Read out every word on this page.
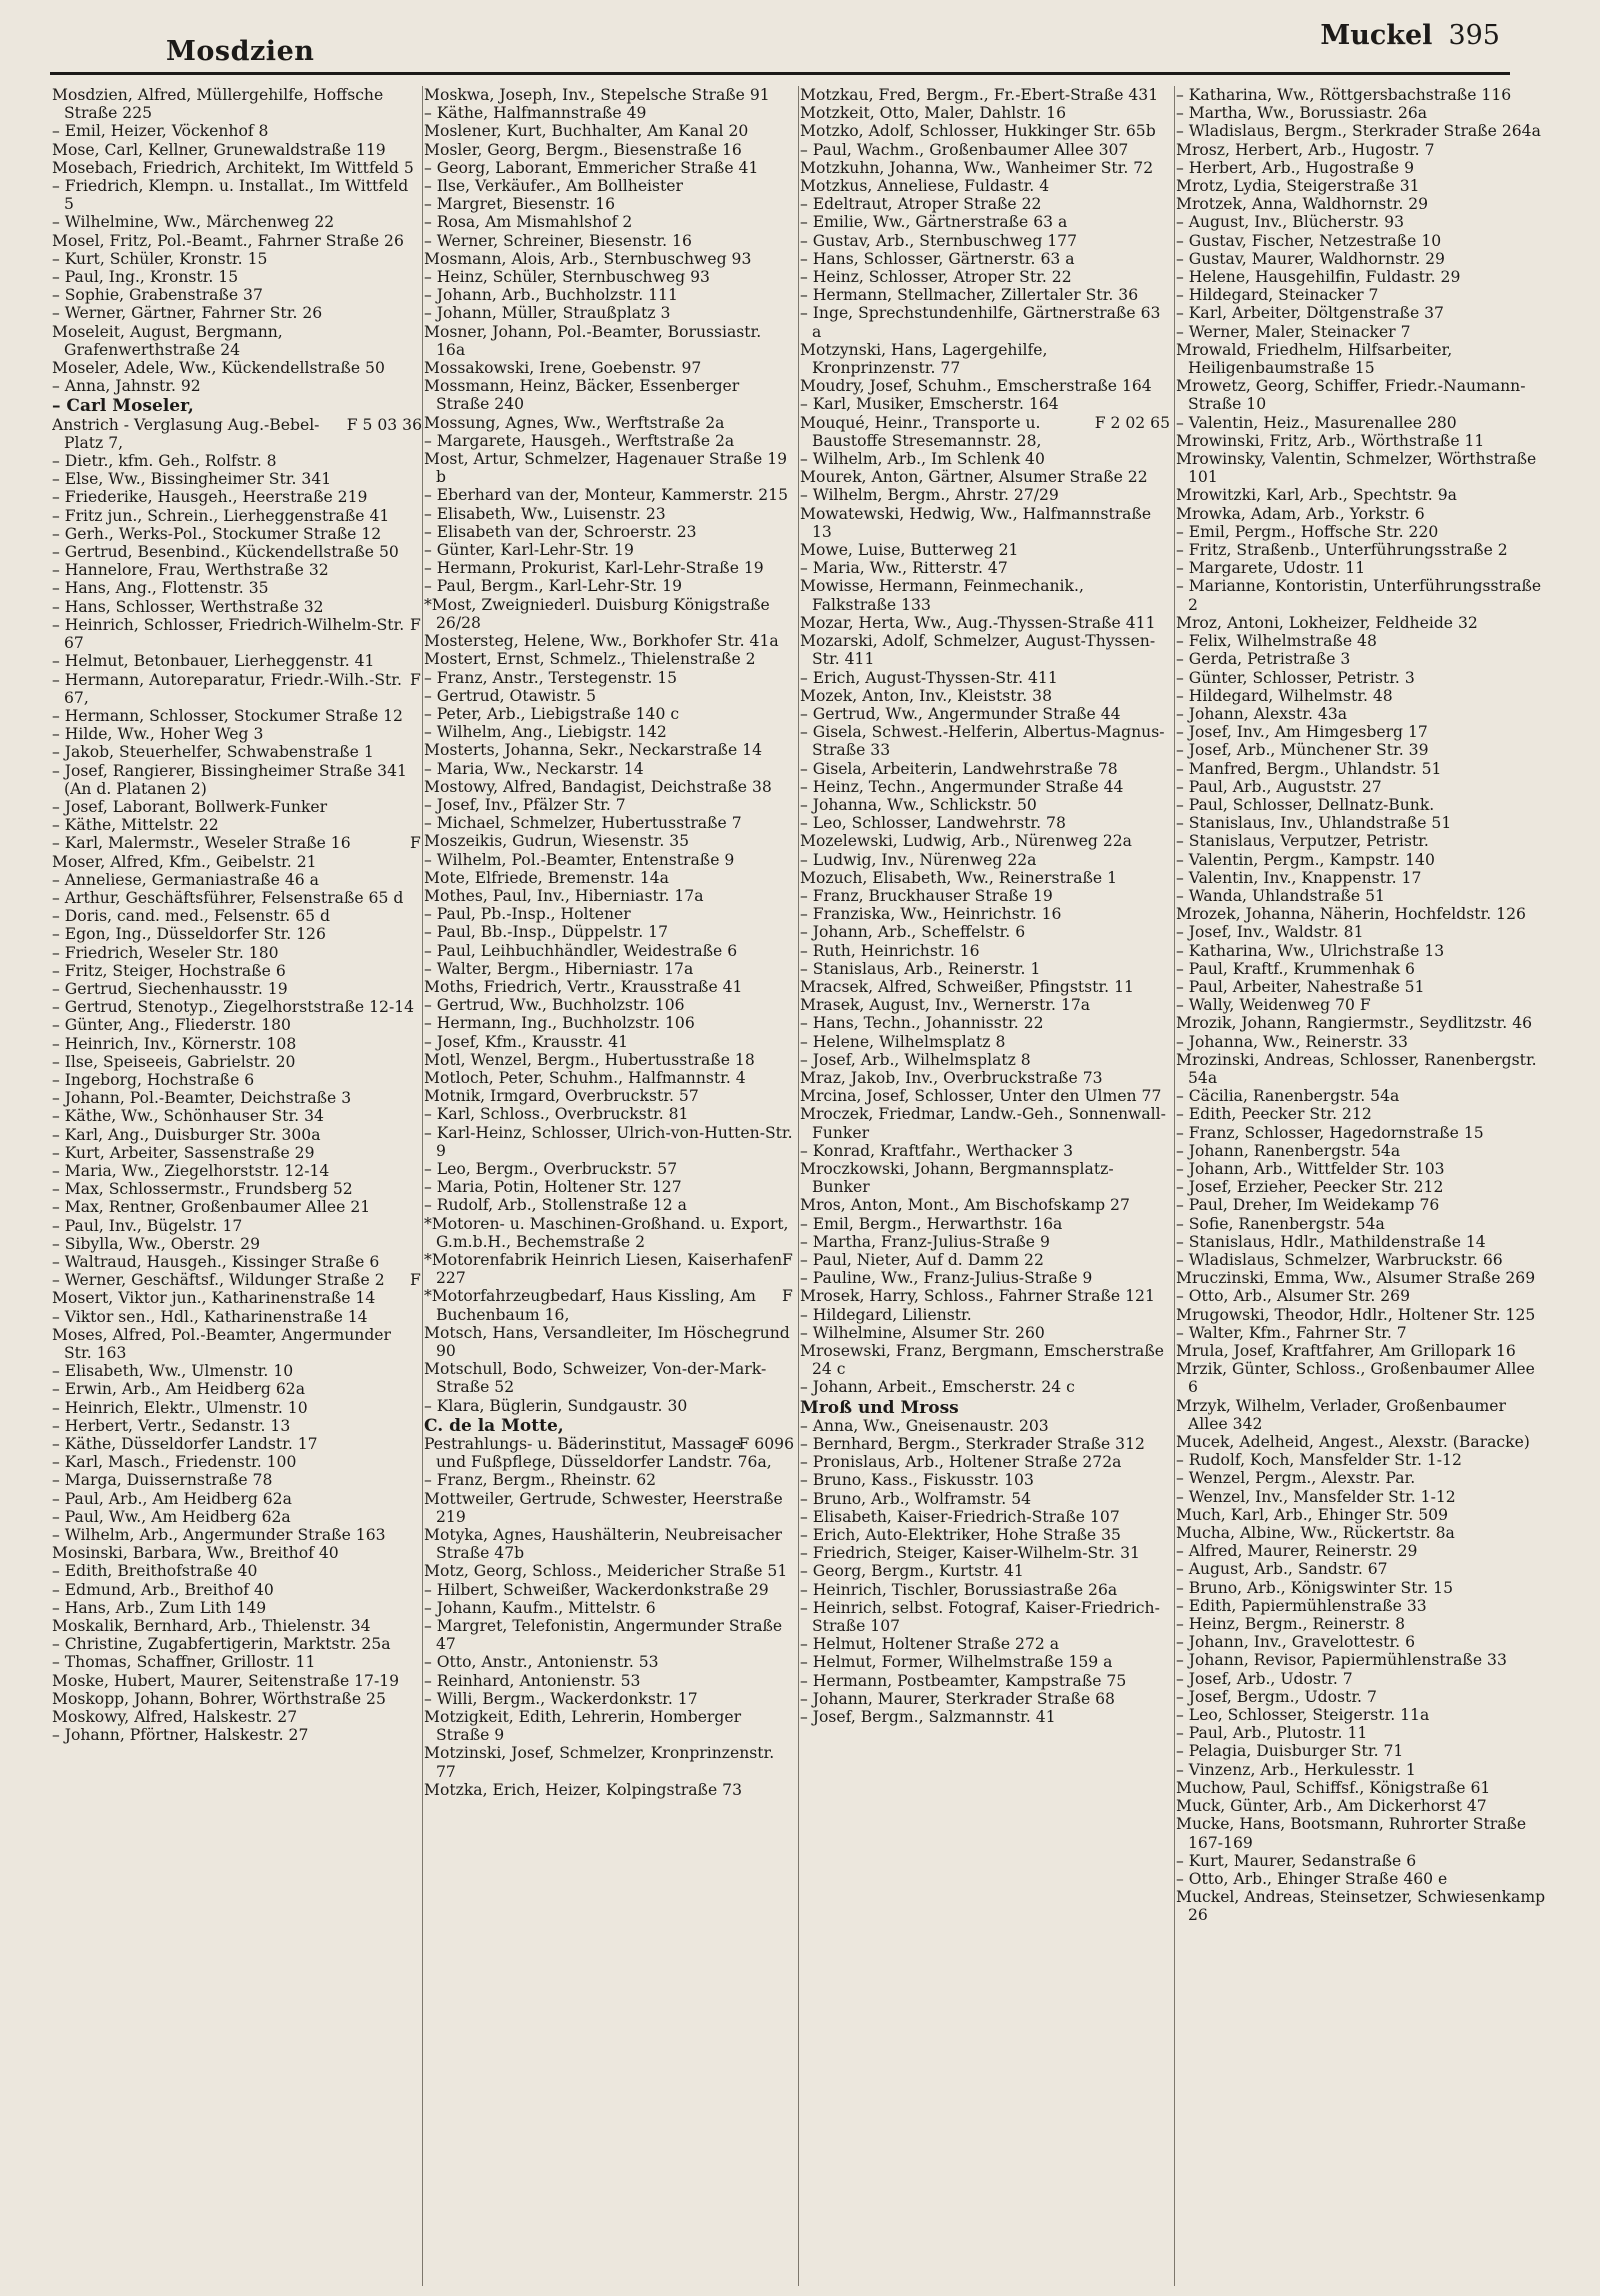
Mosdzien
Muckel 395

Mosdzien, Alfred, Müllergehilfe, Hoffsche Straße 225

– Emil, Heizer, Vöckenhof 8

Mose, Carl, Kellner, Grunewaldstraße 119

Mosebach, Friedrich, Architekt, Im Wittfeld 5

– Friedrich, Klempn. u. Installat., Im Wittfeld 5

– Wilhelmine, Ww., Märchenweg 22

Mosel, Fritz, Pol.-Beamt., Fahrner Straße 26

– Kurt, Schüler, Kronstr. 15

– Paul, Ing., Kronstr. 15

– Sophie, Grabenstraße 37

– Werner, Gärtner, Fahrner Str. 26

Moseleit, August, Bergmann, Grafenwerthstraße 24

Moseler, Adele, Ww., Kückendellstraße 50

– Anna, Jahnstr. 92

– Carl Moseler,

F 5 03 36
Anstrich - Verglasung Aug.-Bebel-Platz 7,

– Dietr., kfm. Geh., Rolfstr. 8

– Else, Ww., Bissingheimer Str. 341

– Friederike, Hausgeh., Heerstraße 219

– Fritz jun., Schrein., Lierheggenstraße 41

– Gerh., Werks-Pol., Stockumer Straße 12

– Gertrud, Besenbind., Kückendellstraße 50

– Hannelore, Frau, Werthstraße 32

– Hans, Ang., Flottenstr. 35

– Hans, Schlosser, Werthstraße 32

F
– Heinrich, Schlosser, Friedrich-Wilhelm-Str. 67

– Helmut, Betonbauer, Lierheggenstr. 41

F
– Hermann, Autoreparatur, Friedr.-Wilh.-Str. 67,

– Hermann, Schlosser, Stockumer Straße 12

– Hilde, Ww., Hoher Weg 3

– Jakob, Steuerhelfer, Schwabenstraße 1

– Josef, Rangierer, Bissingheimer Straße 341 (An d. Platanen 2)

– Josef, Laborant, Bollwerk-Funker

– Käthe, Mittelstr. 22

F
– Karl, Malermstr., Weseler Straße 16

Moser, Alfred, Kfm., Geibelstr. 21

– Anneliese, Germaniastraße 46 a

– Arthur, Geschäftsführer, Felsenstraße 65 d

– Doris, cand. med., Felsenstr. 65 d

– Egon, Ing., Düsseldorfer Str. 126

– Friedrich, Weseler Str. 180

– Fritz, Steiger, Hochstraße 6

– Gertrud, Siechenhausstr. 19

– Gertrud, Stenotyp., Ziegelhorststraße 12-14

– Günter, Ang., Fliederstr. 180

– Heinrich, Inv., Körnerstr. 108

– Ilse, Speiseeis, Gabrielstr. 20

– Ingeborg, Hochstraße 6

– Johann, Pol.-Beamter, Deichstraße 3

– Käthe, Ww., Schönhauser Str. 34

– Karl, Ang., Duisburger Str. 300a

– Kurt, Arbeiter, Sassenstraße 29

– Maria, Ww., Ziegelhorststr. 12-14

– Max, Schlossermstr., Frundsberg 52

– Max, Rentner, Großenbaumer Allee 21

– Paul, Inv., Bügelstr. 17

– Sibylla, Ww., Oberstr. 29

– Waltraud, Hausgeh., Kissinger Straße 6

F
– Werner, Geschäftsf., Wildunger Straße 2

Mosert, Viktor jun., Katharinenstraße 14

– Viktor sen., Hdl., Katharinenstraße 14

Moses, Alfred, Pol.-Beamter, Angermunder Str. 163

– Elisabeth, Ww., Ulmenstr. 10

– Erwin, Arb., Am Heidberg 62a

– Heinrich, Elektr., Ulmenstr. 10

– Herbert, Vertr., Sedanstr. 13

– Käthe, Düsseldorfer Landstr. 17

– Karl, Masch., Friedenstr. 100

– Marga, Duissernstraße 78

– Paul, Arb., Am Heidberg 62a

– Paul, Ww., Am Heidberg 62a

– Wilhelm, Arb., Angermunder Straße 163

Mosinski, Barbara, Ww., Breithof 40

– Edith, Breithofstraße 40

– Edmund, Arb., Breithof 40

– Hans, Arb., Zum Lith 149

Moskalik, Bernhard, Arb., Thielenstr. 34

– Christine, Zugabfertigerin, Marktstr. 25a

– Thomas, Schaffner, Grillostr. 11

Moske, Hubert, Maurer, Seitenstraße 17-19

Moskopp, Johann, Bohrer, Wörthstraße 25

Moskowy, Alfred, Halskestr. 27

– Johann, Pförtner, Halskestr. 27

Moskwa, Joseph, Inv., Stepelsche Straße 91

– Käthe, Halfmannstraße 49

Moslener, Kurt, Buchhalter, Am Kanal 20

Mosler, Georg, Bergm., Biesenstraße 16

– Georg, Laborant, Emmericher Straße 41

– Ilse, Verkäufer., Am Bollheister

– Margret, Biesenstr. 16

– Rosa, Am Mismahlshof 2

– Werner, Schreiner, Biesenstr. 16

Mosmann, Alois, Arb., Sternbuschweg 93

– Heinz, Schüler, Sternbuschweg 93

– Johann, Arb., Buchholzstr. 111

– Johann, Müller, Straußplatz 3

Mosner, Johann, Pol.-Beamter, Borussiastr. 16a

Mossakowski, Irene, Goebenstr. 97

Mossmann, Heinz, Bäcker, Essenberger Straße 240

Mossung, Agnes, Ww., Werftstraße 2a

– Margarete, Hausgeh., Werftstraße 2a

Most, Artur, Schmelzer, Hagenauer Straße 19 b

– Eberhard van der, Monteur, Kammerstr. 215

– Elisabeth, Ww., Luisenstr. 23

– Elisabeth van der, Schroerstr. 23

– Günter, Karl-Lehr-Str. 19

– Hermann, Prokurist, Karl-Lehr-Straße 19

– Paul, Bergm., Karl-Lehr-Str. 19

*Most, Zweigniederl. Duisburg Königstraße 26/28

Mostersteg, Helene, Ww., Borkhofer Str. 41a

Mostert, Ernst, Schmelz., Thielenstraße 2

– Franz, Anstr., Terstegenstr. 15

– Gertrud, Otawistr. 5

– Peter, Arb., Liebigstraße 140 c

– Wilhelm, Ang., Liebigstr. 142

Mosterts, Johanna, Sekr., Neckarstraße 14

– Maria, Ww., Neckarstr. 14

Mostowy, Alfred, Bandagist, Deichstraße 38

– Josef, Inv., Pfälzer Str. 7

– Michael, Schmelzer, Hubertusstraße 7

Moszeikis, Gudrun, Wiesenstr. 35

– Wilhelm, Pol.-Beamter, Entenstraße 9

Mote, Elfriede, Bremenstr. 14a

Mothes, Paul, Inv., Hiberniastr. 17a

– Paul, Pb.-Insp., Holtener

– Paul, Bb.-Insp., Düppelstr. 17

– Paul, Leihbuchhändler, Weidestraße 6

– Walter, Bergm., Hiberniastr. 17a

Moths, Friedrich, Vertr., Krausstraße 41

– Gertrud, Ww., Buchholzstr. 106

– Hermann, Ing., Buchholzstr. 106

– Josef, Kfm., Krausstr. 41

Motl, Wenzel, Bergm., Hubertusstraße 18

Motloch, Peter, Schuhm., Halfmannstr. 4

Motnik, Irmgard, Overbruckstr. 57

– Karl, Schloss., Overbruckstr. 81

– Karl-Heinz, Schlosser, Ulrich-von-Hutten-Str. 9

– Leo, Bergm., Overbruckstr. 57

– Maria, Potin, Holtener Str. 127

– Rudolf, Arb., Stollenstraße 12 a

*Motoren- u. Maschinen-Großhand. u. Export, G.m.b.H., Bechemstraße 2

F
*Motorenfabrik Heinrich Liesen, Kaiserhafen 227

F
*Motorfahrzeugbedarf, Haus Kissling, Am Buchenbaum 16,

Motsch, Hans, Versandleiter, Im Höschegrund 90

Motschull, Bodo, Schweizer, Von-der-Mark-Straße 52

– Klara, Büglerin, Sundgaustr. 30

C. de la Motte,

F 6096
Pestrahlungs- u. Bäderinstitut, Massage und Fußpflege, Düsseldorfer Landstr. 76a,

– Franz, Bergm., Rheinstr. 62

Mottweiler, Gertrude, Schwester, Heerstraße 219

Motyka, Agnes, Haushälterin, Neubreisacher Straße 47b

Motz, Georg, Schloss., Meidericher Straße 51

– Hilbert, Schweißer, Wackerdonkstraße 29

– Johann, Kaufm., Mittelstr. 6

– Margret, Telefonistin, Angermunder Straße 47

– Otto, Anstr., Antonienstr. 53

– Reinhard, Antonienstr. 53

– Willi, Bergm., Wackerdonkstr. 17

Motzigkeit, Edith, Lehrerin, Homberger Straße 9

Motzinski, Josef, Schmelzer, Kronprinzenstr. 77

Motzka, Erich, Heizer, Kolpingstraße 73

Motzkau, Fred, Bergm., Fr.-Ebert-Straße 431

Motzkeit, Otto, Maler, Dahlstr. 16

Motzko, Adolf, Schlosser, Hukkinger Str. 65b

– Paul, Wachm., Großenbaumer Allee 307

Motzkuhn, Johanna, Ww., Wanheimer Str. 72

Motzkus, Anneliese, Fuldastr. 4

– Edeltraut, Atroper Straße 22

– Emilie, Ww., Gärtnerstraße 63 a

– Gustav, Arb., Sternbuschweg 177

– Hans, Schlosser, Gärtnerstr. 63 a

– Heinz, Schlosser, Atroper Str. 22

– Hermann, Stellmacher, Zillertaler Str. 36

– Inge, Sprechstundenhilfe, Gärtnerstraße 63 a

Motzynski, Hans, Lagergehilfe, Kronprinzenstr. 77

Moudry, Josef, Schuhm., Emscherstraße 164

– Karl, Musiker, Emscherstr. 164

F 2 02 65
Mouqué, Heinr., Transporte u. Baustoffe Stresemannstr. 28,

– Wilhelm, Arb., Im Schlenk 40

Mourek, Anton, Gärtner, Alsumer Straße 22

– Wilhelm, Bergm., Ahrstr. 27/29

Mowatewski, Hedwig, Ww., Halfmannstraße 13

Mowe, Luise, Butterweg 21

– Maria, Ww., Ritterstr. 47

Mowisse, Hermann, Feinmechanik., Falkstraße 133

Mozar, Herta, Ww., Aug.-Thyssen-Straße 411

Mozarski, Adolf, Schmelzer, August-Thyssen-Str. 411

– Erich, August-Thyssen-Str. 411

Mozek, Anton, Inv., Kleiststr. 38

– Gertrud, Ww., Angermunder Straße 44

– Gisela, Schwest.-Helferin, Albertus-Magnus-Straße 33

– Gisela, Arbeiterin, Landwehrstraße 78

– Heinz, Techn., Angermunder Straße 44

– Johanna, Ww., Schlickstr. 50

– Leo, Schlosser, Landwehrstr. 78

Mozelewski, Ludwig, Arb., Nürenweg 22a

– Ludwig, Inv., Nürenweg 22a

Mozuch, Elisabeth, Ww., Reinerstraße 1

– Franz, Bruckhauser Straße 19

– Franziska, Ww., Heinrichstr. 16

– Johann, Arb., Scheffelstr. 6

– Ruth, Heinrichstr. 16

– Stanislaus, Arb., Reinerstr. 1

Mracsek, Alfred, Schweißer, Pfingststr. 11

Mrasek, August, Inv., Wernerstr. 17a

– Hans, Techn., Johannisstr. 22

– Helene, Wilhelmsplatz 8

– Josef, Arb., Wilhelmsplatz 8

Mraz, Jakob, Inv., Overbruckstraße 73

Mrcina, Josef, Schlosser, Unter den Ulmen 77

Mroczek, Friedmar, Landw.-Geh., Sonnenwall-Funker

– Konrad, Kraftfahr., Werthacker 3

Mroczkowski, Johann, Bergmannsplatz-Bunker

Mros, Anton, Mont., Am Bischofskamp 27

– Emil, Bergm., Herwarthstr. 16a

– Martha, Franz-Julius-Straße 9

– Paul, Nieter, Auf d. Damm 22

– Pauline, Ww., Franz-Julius-Straße 9

Mrosek, Harry, Schloss., Fahrner Straße 121

– Hildegard, Lilienstr.

– Wilhelmine, Alsumer Str. 260

Mrosewski, Franz, Bergmann, Emscherstraße 24 c

– Johann, Arbeit., Emscherstr. 24 c

Mroß und Mross

– Anna, Ww., Gneisenaustr. 203

– Bernhard, Bergm., Sterkrader Straße 312

– Pronislaus, Arb., Holtener Straße 272a

– Bruno, Kass., Fiskusstr. 103

– Bruno, Arb., Wolframstr. 54

– Elisabeth, Kaiser-Friedrich-Straße 107

– Erich, Auto-Elektriker, Hohe Straße 35

– Friedrich, Steiger, Kaiser-Wilhelm-Str. 31

– Georg, Bergm., Kurtstr. 41

– Heinrich, Tischler, Borussiastraße 26a

– Heinrich, selbst. Fotograf, Kaiser-Friedrich-Straße 107

– Helmut, Holtener Straße 272 a

– Helmut, Former, Wilhelmstraße 159 a

– Hermann, Postbeamter, Kampstraße 75

– Johann, Maurer, Sterkrader Straße 68

– Josef, Bergm., Salzmannstr. 41

– Katharina, Ww., Röttgersbachstraße 116

– Martha, Ww., Borussiastr. 26a

– Wladislaus, Bergm., Sterkrader Straße 264a

Mrosz, Herbert, Arb., Hugostr. 7

– Herbert, Arb., Hugostraße 9

Mrotz, Lydia, Steigerstraße 31

Mrotzek, Anna, Waldhornstr. 29

– August, Inv., Blücherstr. 93

– Gustav, Fischer, Netzestraße 10

– Gustav, Maurer, Waldhornstr. 29

– Helene, Hausgehilfin, Fuldastr. 29

– Hildegard, Steinacker 7

– Karl, Arbeiter, Döltgenstraße 37

– Werner, Maler, Steinacker 7

Mrowald, Friedhelm, Hilfsarbeiter, Heiligenbaumstraße 15

Mrowetz, Georg, Schiffer, Friedr.-Naumann-Straße 10

– Valentin, Heiz., Masurenallee 280

Mrowinski, Fritz, Arb., Wörthstraße 11

Mrowinsky, Valentin, Schmelzer, Wörthstraße 101

Mrowitzki, Karl, Arb., Spechtstr. 9a

Mrowka, Adam, Arb., Yorkstr. 6

– Emil, Pergm., Hoffsche Str. 220

– Fritz, Straßenb., Unterführungsstraße 2

– Margarete, Udostr. 11

– Marianne, Kontoristin, Unterführungsstraße 2

Mroz, Antoni, Lokheizer, Feldheide 32

– Felix, Wilhelmstraße 48

– Gerda, Petristraße 3

– Günter, Schlosser, Petristr. 3

– Hildegard, Wilhelmstr. 48

– Johann, Alexstr. 43a

– Josef, Inv., Am Himgesberg 17

– Josef, Arb., Münchener Str. 39

– Manfred, Bergm., Uhlandstr. 51

– Paul, Arb., Auguststr. 27

– Paul, Schlosser, Dellnatz-Bunk.

– Stanislaus, Inv., Uhlandstraße 51

– Stanislaus, Verputzer, Petristr.

– Valentin, Pergm., Kampstr. 140

– Valentin, Inv., Knappenstr. 17

– Wanda, Uhlandstraße 51

Mrozek, Johanna, Näherin, Hochfeldstr. 126

– Josef, Inv., Waldstr. 81

– Katharina, Ww., Ulrichstraße 13

– Paul, Kraftf., Krummenhak 6

– Paul, Arbeiter, Nahestraße 51

– Wally, Weidenweg 70 F

Mrozik, Johann, Rangiermstr., Seydlitzstr. 46

– Johanna, Ww., Reinerstr. 33

Mrozinski, Andreas, Schlosser, Ranenbergstr. 54a

– Cäcilia, Ranenbergstr. 54a

– Edith, Peecker Str. 212

– Franz, Schlosser, Hagedornstraße 15

– Johann, Ranenbergstr. 54a

– Johann, Arb., Wittfelder Str. 103

– Josef, Erzieher, Peecker Str. 212

– Paul, Dreher, Im Weidekamp 76

– Sofie, Ranenbergstr. 54a

– Stanislaus, Hdlr., Mathildenstraße 14

– Wladislaus, Schmelzer, Warbruckstr. 66

Mruczinski, Emma, Ww., Alsumer Straße 269

– Otto, Arb., Alsumer Str. 269

Mrugowski, Theodor, Hdlr., Holtener Str. 125

– Walter, Kfm., Fahrner Str. 7

Mrula, Josef, Kraftfahrer, Am Grillopark 16

Mrzik, Günter, Schloss., Großenbaumer Allee 6

Mrzyk, Wilhelm, Verlader, Großenbaumer Allee 342

Mucek, Adelheid, Angest., Alexstr. (Baracke)

– Rudolf, Koch, Mansfelder Str. 1-12

– Wenzel, Pergm., Alexstr. Par.

– Wenzel, Inv., Mansfelder Str. 1-12

Much, Karl, Arb., Ehinger Str. 509

Mucha, Albine, Ww., Rückertstr. 8a

– Alfred, Maurer, Reinerstr. 29

– August, Arb., Sandstr. 67

– Bruno, Arb., Königswinter Str. 15

– Edith, Papiermühlenstraße 33

– Heinz, Bergm., Reinerstr. 8

– Johann, Inv., Gravelottestr. 6

– Johann, Revisor, Papiermühlenstraße 33

– Josef, Arb., Udostr. 7

– Josef, Bergm., Udostr. 7

– Leo, Schlosser, Steigerstr. 11a

– Paul, Arb., Plutostr. 11

– Pelagia, Duisburger Str. 71

– Vinzenz, Arb., Herkulesstr. 1

Muchow, Paul, Schiffsf., Königstraße 61

Muck, Günter, Arb., Am Dickerhorst 47

Mucke, Hans, Bootsmann, Ruhrorter Straße 167-169

– Kurt, Maurer, Sedanstraße 6

– Otto, Arb., Ehinger Straße 460 e

Muckel, Andreas, Steinsetzer, Schwiesenkamp 26
